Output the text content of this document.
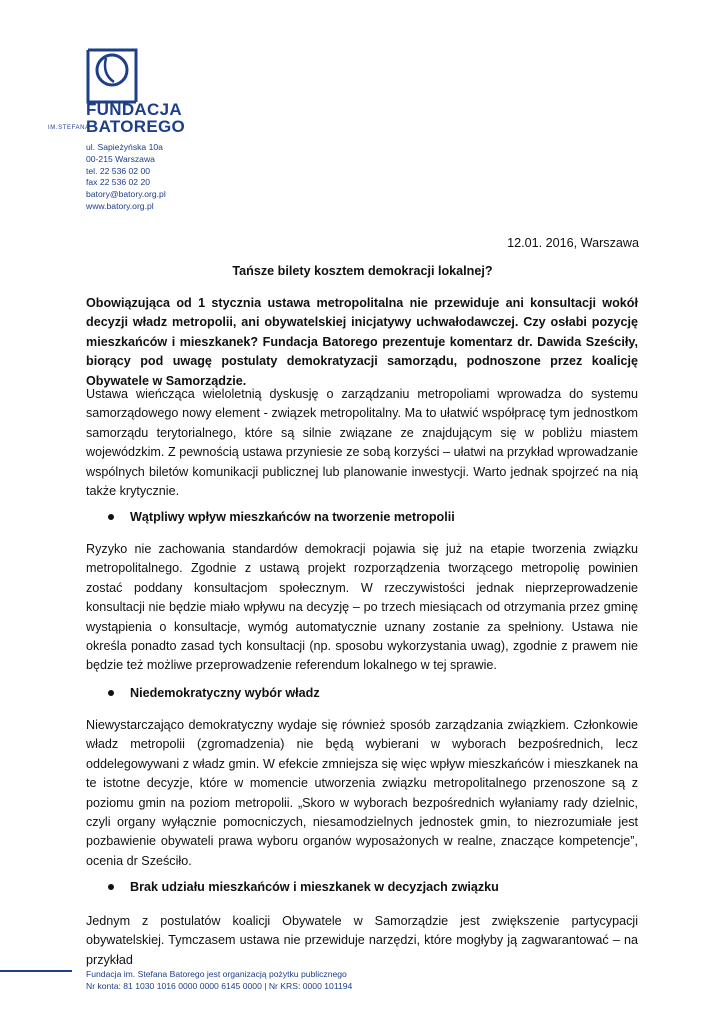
IM.STEFANA
FUNDACJA
BATOREGO
ul. Sapieżyńska 10a
00-215 Warszawa
tel. 22 536 02 00
fax 22 536 02 20
batory@batory.org.pl
www.batory.org.pl
12.01. 2016, Warszawa
Tańsze bilety kosztem demokracji lokalnej?
Obowiązująca od 1 stycznia ustawa metropolitalna nie przewiduje ani konsultacji wokół decyzji władz metropolii, ani obywatelskiej inicjatywy uchwałodawczej. Czy osłabi pozycję mieszkańców i mieszkanek? Fundacja Batorego prezentuje komentarz dr. Dawida Sześciły, biorący pod uwagę postulaty demokratyzacji samorządu, podnoszone przez koalicję Obywatele w Samorządzie.
Ustawa wieńcząca wieloletnią dyskusję o zarządzaniu metropoliami wprowadza do systemu samorządowego nowy element - związek metropolitalny. Ma to ułatwić współpracę tym jednostkom samorządu terytorialnego, które są silnie związane ze znajdującym się w pobliżu miastem wojewódzkim. Z pewnością ustawa przyniesie ze sobą korzyści – ułatwi na przykład wprowadzanie wspólnych biletów komunikacji publicznej lub planowanie inwestycji. Warto jednak spojrzeć na nią także krytycznie.
Wątpliwy wpływ mieszkańców na tworzenie metropolii
Ryzyko nie zachowania standardów demokracji pojawia się już na etapie tworzenia związku metropolitalnego. Zgodnie z ustawą projekt rozporządzenia tworzącego metropolię powinien zostać poddany konsultacjom społecznym. W rzeczywistości jednak nieprzeprowadzenie konsultacji nie będzie miało wpływu na decyzję – po trzech miesiącach od otrzymania przez gminę wystąpienia o konsultacje, wymóg automatycznie uznany zostanie za spełniony. Ustawa nie określa ponadto zasad tych konsultacji (np. sposobu wykorzystania uwag), zgodnie z prawem nie będzie też możliwe przeprowadzenie referendum lokalnego w tej sprawie.
Niedemokratyczny wybór władz
Niewystarczająco demokratyczny wydaje się również sposób zarządzania związkiem. Członkowie władz metropolii (zgromadzenia) nie będą wybierani w wyborach bezpośrednich, lecz oddelegowywani z władz gmin. W efekcie zmniejsza się więc wpływ mieszkańców i mieszkanek na te istotne decyzje, które w momencie utworzenia związku metropolitalnego przenoszone są z poziomu gmin na poziom metropolii. „Skoro w wyborach bezpośrednich wyłaniamy rady dzielnic, czyli organy wyłącznie pomocniczych, niesamodzielnych jednostek gmin, to niezrozumiałe jest pozbawienie obywateli prawa wyboru organów wyposażonych w realne, znaczące kompetencje”, ocenia dr Sześciło.
Brak udziału mieszkańców i mieszkanek w decyzjach związku
Jednym z postulatów koalicji Obywatele w Samorządzie jest zwiększenie partycypacji obywatelskiej. Tymczasem ustawa nie przewiduje narzędzi, które mogłyby ją zagwarantować – na przykład
Fundacja im. Stefana Batorego jest organizacją pożytku publicznego
Nr konta: 81 1030 1016 0000 0000 6145 0000 | Nr KRS: 0000 101194
